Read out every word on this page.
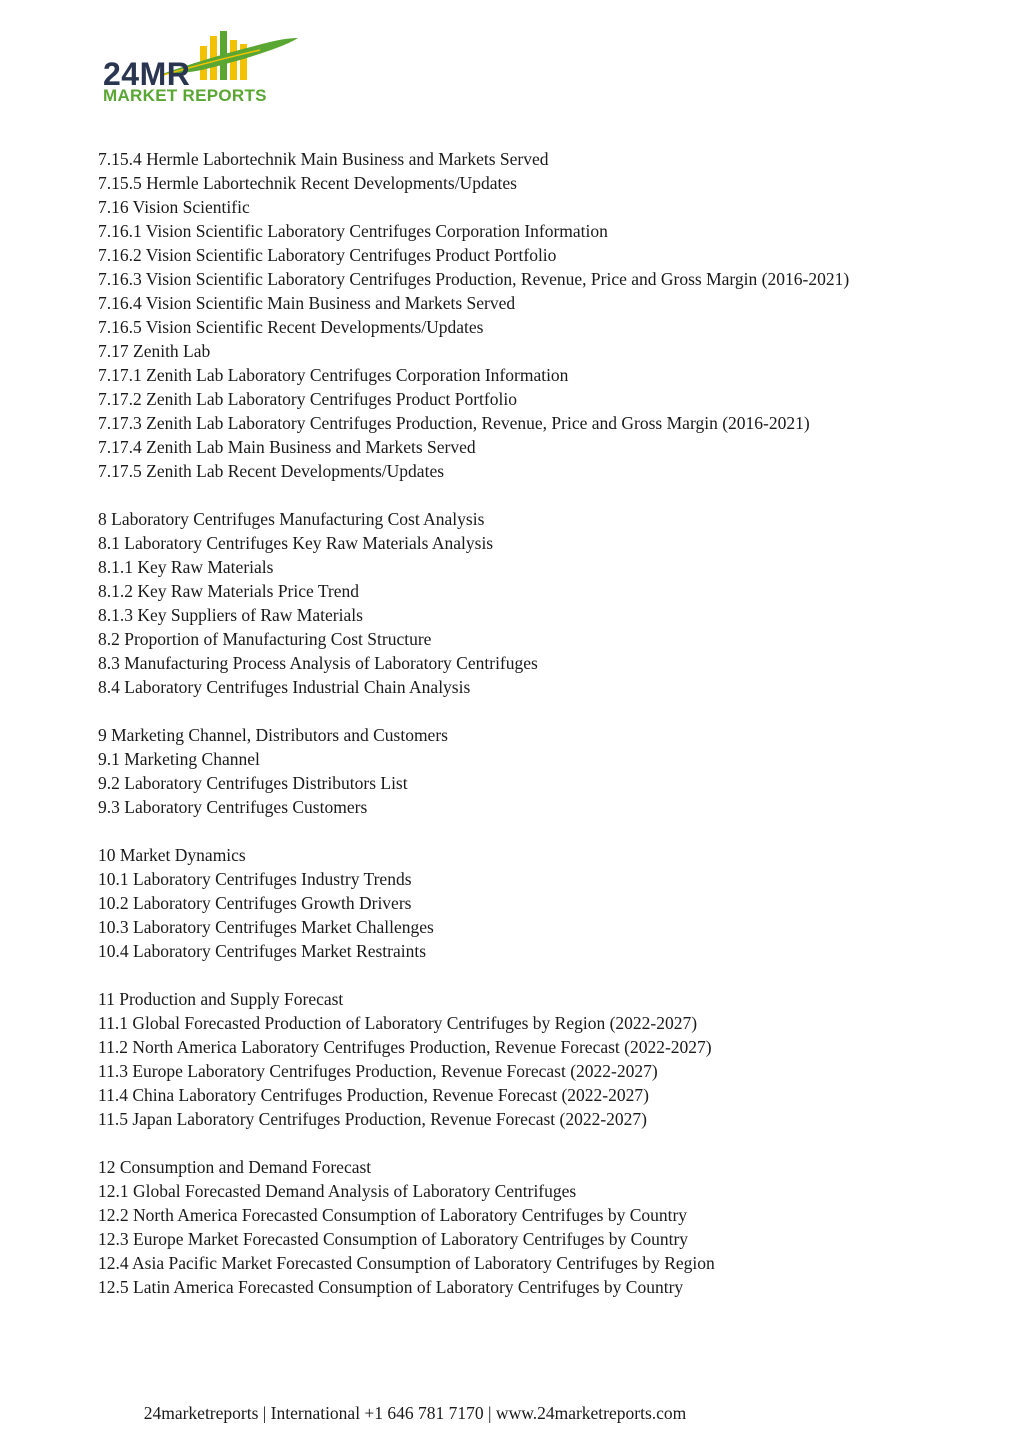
24MR
MARKET REPORTS
7.15.4 Hermle Labortechnik Main Business and Markets Served
7.15.5 Hermle Labortechnik Recent Developments/Updates
7.16 Vision Scientific
7.16.1 Vision Scientific Laboratory Centrifuges Corporation Information
7.16.2 Vision Scientific Laboratory Centrifuges Product Portfolio
7.16.3 Vision Scientific Laboratory Centrifuges Production, Revenue, Price and Gross Margin (2016-2021)
7.16.4 Vision Scientific Main Business and Markets Served
7.16.5 Vision Scientific Recent Developments/Updates
7.17 Zenith Lab
7.17.1 Zenith Lab Laboratory Centrifuges Corporation Information
7.17.2 Zenith Lab Laboratory Centrifuges Product Portfolio
7.17.3 Zenith Lab Laboratory Centrifuges Production, Revenue, Price and Gross Margin (2016-2021)
7.17.4 Zenith Lab Main Business and Markets Served
7.17.5 Zenith Lab Recent Developments/Updates
8 Laboratory Centrifuges Manufacturing Cost Analysis
8.1 Laboratory Centrifuges Key Raw Materials Analysis
8.1.1 Key Raw Materials
8.1.2 Key Raw Materials Price Trend
8.1.3 Key Suppliers of Raw Materials
8.2 Proportion of Manufacturing Cost Structure
8.3 Manufacturing Process Analysis of Laboratory Centrifuges
8.4 Laboratory Centrifuges Industrial Chain Analysis
9 Marketing Channel, Distributors and Customers
9.1 Marketing Channel
9.2 Laboratory Centrifuges Distributors List
9.3 Laboratory Centrifuges Customers
10 Market Dynamics
10.1 Laboratory Centrifuges Industry Trends
10.2 Laboratory Centrifuges Growth Drivers
10.3 Laboratory Centrifuges Market Challenges
10.4 Laboratory Centrifuges Market Restraints
11 Production and Supply Forecast
11.1 Global Forecasted Production of Laboratory Centrifuges by Region (2022-2027)
11.2 North America Laboratory Centrifuges Production, Revenue Forecast (2022-2027)
11.3 Europe Laboratory Centrifuges Production, Revenue Forecast (2022-2027)
11.4 China Laboratory Centrifuges Production, Revenue Forecast (2022-2027)
11.5 Japan Laboratory Centrifuges Production, Revenue Forecast (2022-2027)
12 Consumption and Demand Forecast
12.1 Global Forecasted Demand Analysis of Laboratory Centrifuges
12.2 North America Forecasted Consumption of Laboratory Centrifuges by Country
12.3 Europe Market Forecasted Consumption of Laboratory Centrifuges by Country
12.4 Asia Pacific Market Forecasted Consumption of Laboratory Centrifuges by Region
12.5 Latin America Forecasted Consumption of Laboratory Centrifuges by Country
24marketreports | International +1 646 781 7170 | www.24marketreports.com
